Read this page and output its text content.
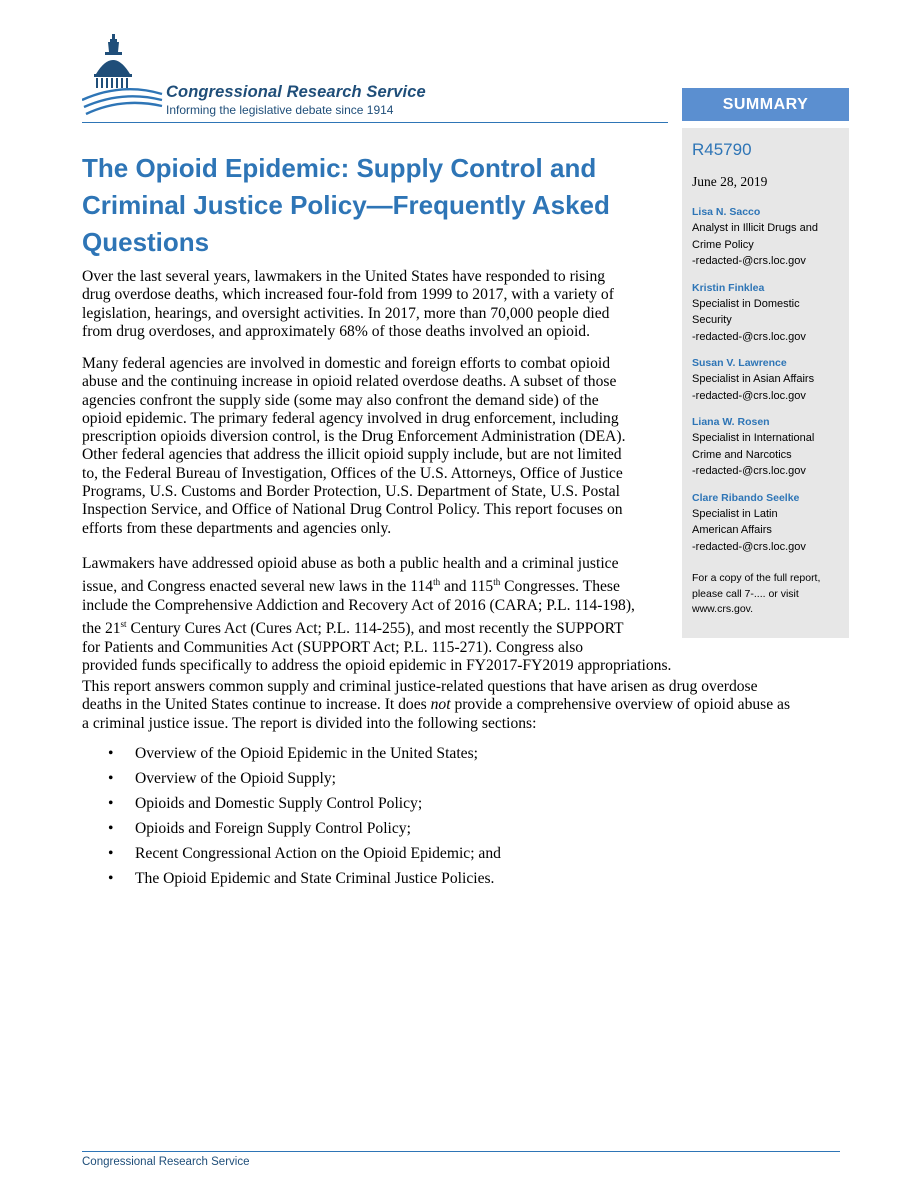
Congressional Research Service
Informing the legislative debate since 1914	SUMMARY
R45790
June 28, 2019
Lisa N. Sacco
Analyst in Illicit Drugs and
Crime Policy
-redacted-@crs.loc.gov
Kristin Finklea
Specialist in Domestic
Security
-redacted-@crs.loc.gov
Susan V. Lawrence
Specialist in Asian Affairs
-redacted-@crs.loc.gov
Liana W. Rosen
Specialist in International
Crime and Narcotics
-redacted-@crs.loc.gov
Clare Ribando Seelke
Specialist in Latin
American Affairs
-redacted-@crs.loc.gov
For a copy of the full report,
please call 7-.... or visit
www.crs.gov.
The Opioid Epidemic: Supply Control and
Criminal Justice Policy—Frequently Asked
Questions
Over the last several years, lawmakers in the United States have responded to rising
drug overdose deaths, which increased four-fold from 1999 to 2017, with a variety of
legislation, hearings, and oversight activities. In 2017, more than 70,000 people died
from drug overdoses, and approximately 68% of those deaths involved an opioid.
Many federal agencies are involved in domestic and foreign efforts to combat opioid
abuse and the continuing increase in opioid related overdose deaths. A subset of those
agencies confront the supply side (some may also confront the demand side) of the
opioid epidemic. The primary federal agency involved in drug enforcement, including
prescription opioids diversion control, is the Drug Enforcement Administration (DEA).
Other federal agencies that address the illicit opioid supply include, but are not limited
to, the Federal Bureau of Investigation, Offices of the U.S. Attorneys, Office of Justice
Programs, U.S. Customs and Border Protection, U.S. Department of State, U.S. Postal
Inspection Service, and Office of National Drug Control Policy. This report focuses on
efforts from these departments and agencies only.
Lawmakers have addressed opioid abuse as both a public health and a criminal justice
issue, and Congress enacted several new laws in the 114th and 115th Congresses. These
include the Comprehensive Addiction and Recovery Act of 2016 (CARA; P.L. 114-198),
the 21st Century Cures Act (Cures Act; P.L. 114-255), and most recently the SUPPORT
for Patients and Communities Act (SUPPORT Act; P.L. 115-271). Congress also
provided funds specifically to address the opioid epidemic in FY2017-FY2019 appropriations.
This report answers common supply and criminal justice-related questions that have arisen as drug overdose
deaths in the United States continue to increase. It does not provide a comprehensive overview of opioid abuse as
a criminal justice issue. The report is divided into the following sections:
• Overview of the Opioid Epidemic in the United States;
• Overview of the Opioid Supply;
• Opioids and Domestic Supply Control Policy;
• Opioids and Foreign Supply Control Policy;
• Recent Congressional Action on the Opioid Epidemic; and
• The Opioid Epidemic and State Criminal Justice Policies.
Congressional Research Service
